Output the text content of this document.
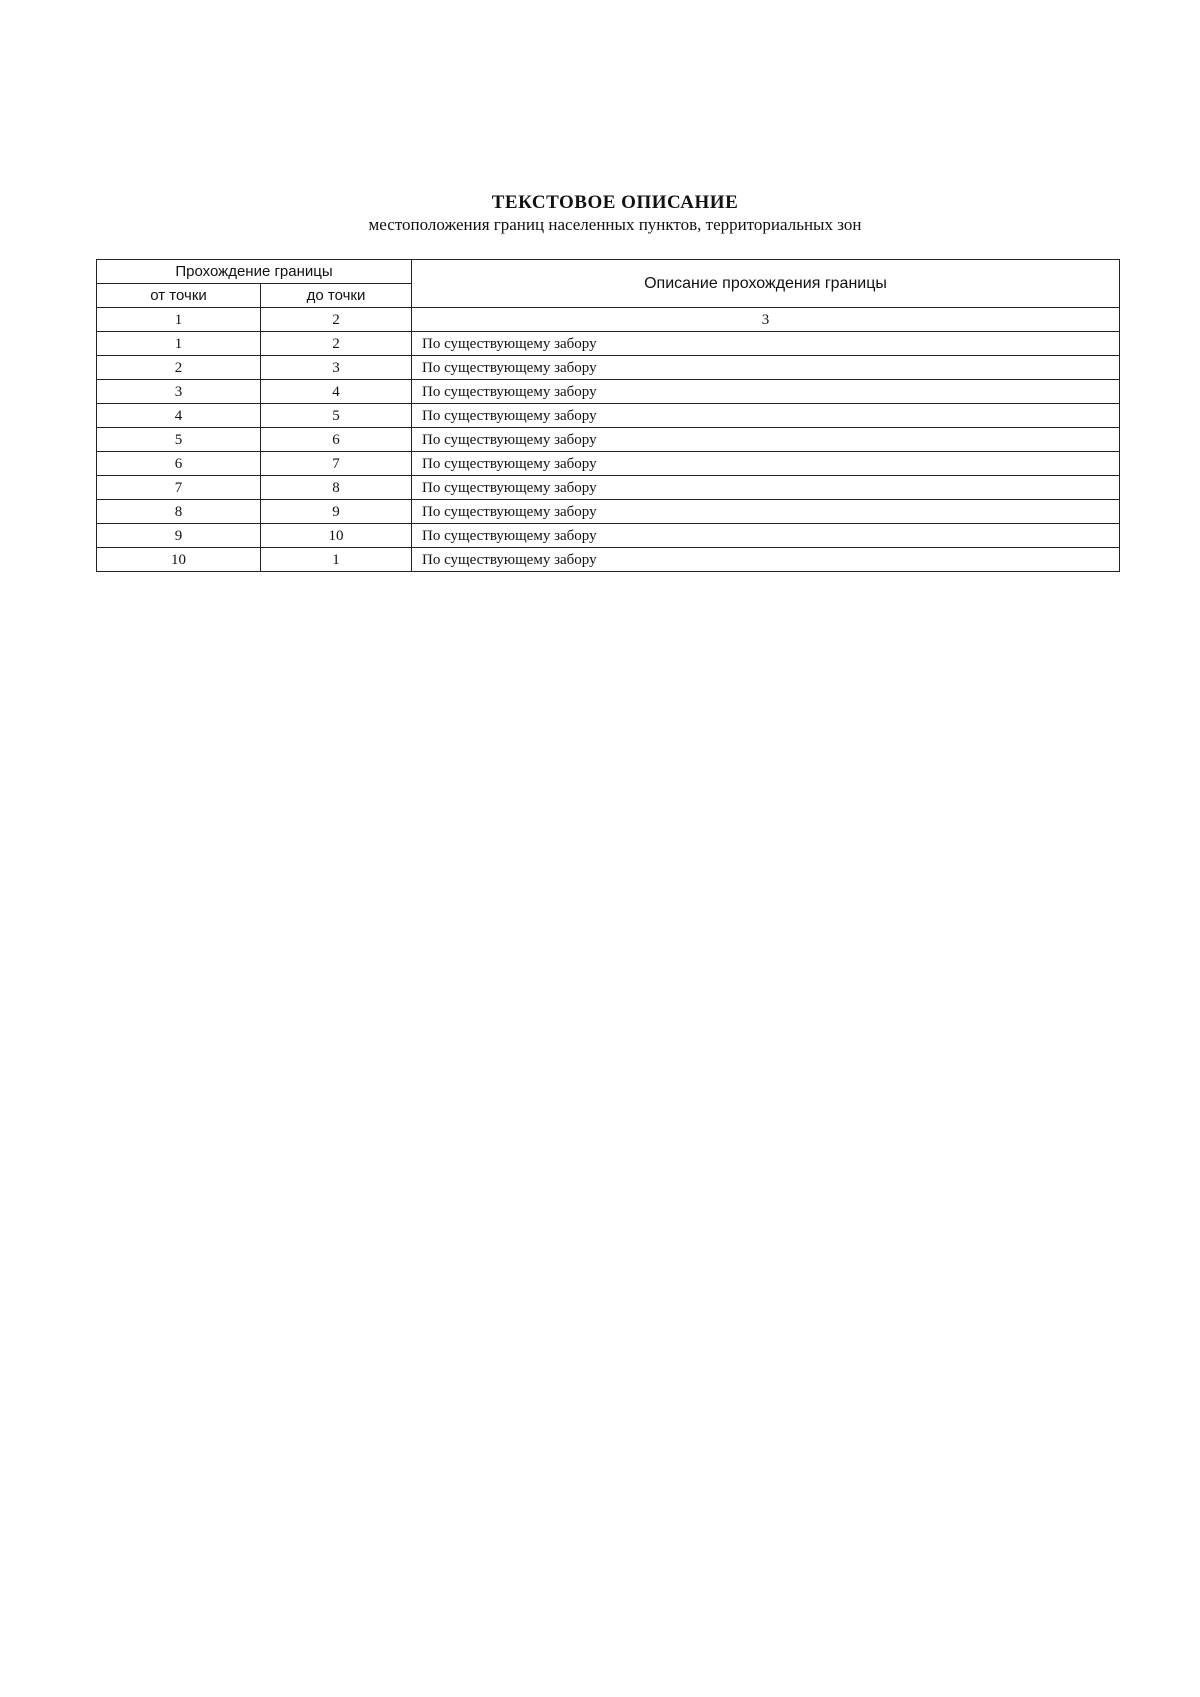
ТЕКСТОВОЕ ОПИСАНИЕ
местоположения границ населенных пунктов, территориальных зон
Прохождение границы		Описание прохождения границы
от точки	до точки	
1	2	3
1	2	По существующему забору
2	3	По существующему забору
3	4	По существующему забору
4	5	По существующему забору
5	6	По существующему забору
6	7	По существующему забору
7	8	По существующему забору
8	9	По существующему забору
9	10	По существующему забору
10	1	По существующему забору
